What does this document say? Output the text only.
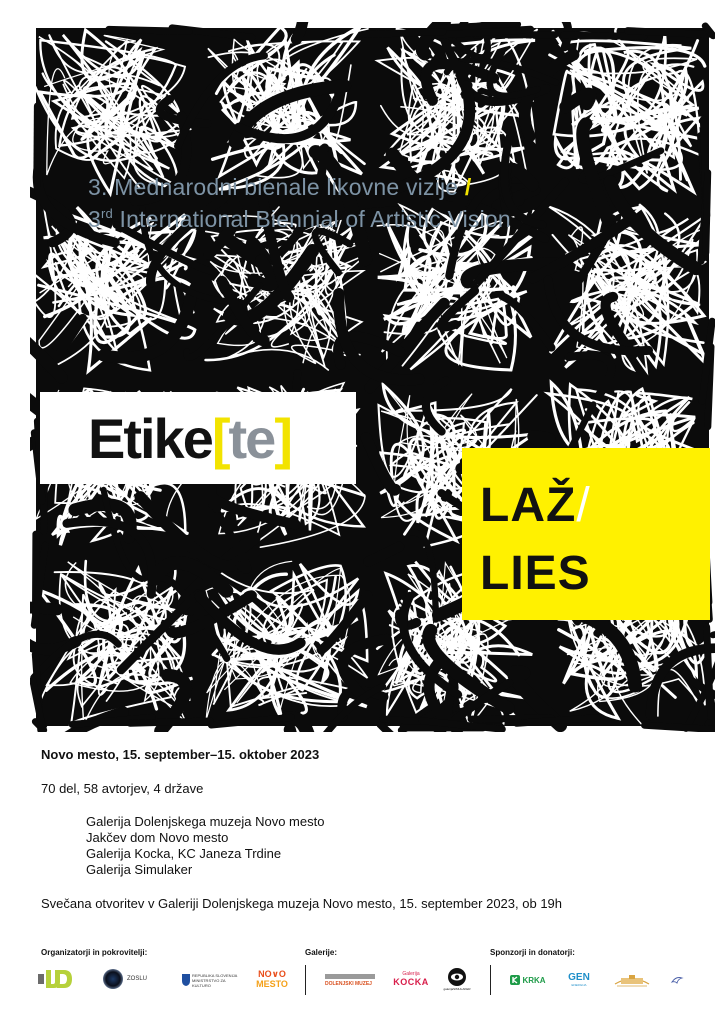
3. Mednarodni bienale likovne vizije /
3rd International Biennial of Artistic Vision
Etike[te]
LAŽ/
LIES
Novo mesto, 15. september–15. oktober 2023
70 del, 58 avtorjev, 4 države
Galerija Dolenjskega muzeja Novo mesto
Jakčev dom Novo mesto
Galerija Kocka, KC Janeza Trdine
Galerija Simulaker
Svečana otvoritev v Galeriji Dolenjskega muzeja Novo mesto, 15. september 2023, ob 19h
Organizatorji in pokrovitelji:	Galerije:	Sponzorji in donatorji:
ZOSLU
REPUBLIKA SLOVENIJA MINISTRSTVO ZA KULTURO
NO∨O
MESTO	DOLENJSKI MUZEJ
Galerija
KOCKA
galerijaSIMULAKER
KRKA GEN
ENERGIJA
